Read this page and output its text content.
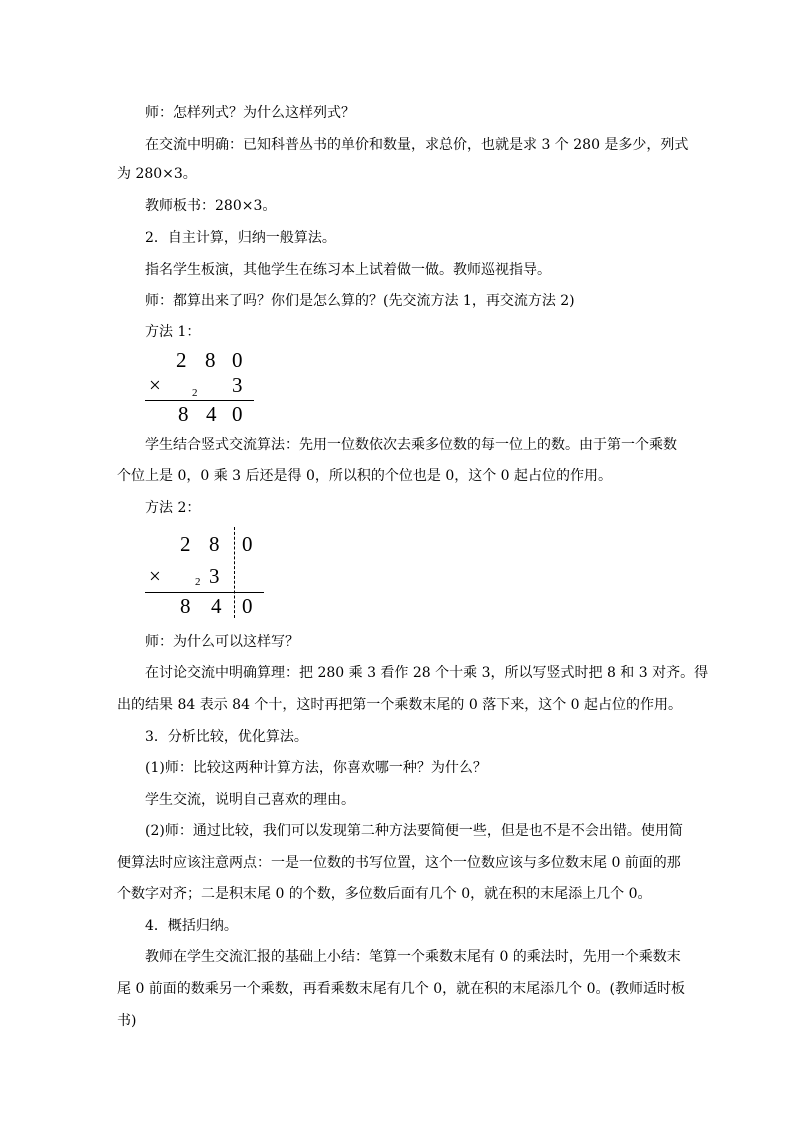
师：怎样列式？为什么这样列式？
在交流中明确：已知科普丛书的单价和数量，求总价，也就是求 3 个 280 是多少，列式
为 280×3。
教师板书：280×3。
2．自主计算，归纳一般算法。
指名学生板演，其他学生在练习本上试着做一做。教师巡视指导。
师：都算出来了吗？你们是怎么算的？(先交流方法 1，再交流方法 2)
方法 1：
2 8 0
×	2 3
8 4 0
学生结合竖式交流算法：先用一位数依次去乘多位数的每一位上的数。由于第一个乘数
个位上是 0，0 乘 3 后还是得 0，所以积的个位也是 0，这个 0 起占位的作用。
方法 2：
2 8 0
×	2 3
8 4 0
师：为什么可以这样写？
在讨论交流中明确算理：把 280 乘 3 看作 28 个十乘 3，所以写竖式时把 8 和 3 对齐。得
出的结果 84 表示 84 个十，这时再把第一个乘数末尾的 0 落下来，这个 0 起占位的作用。
3．分析比较，优化算法。
(1)师：比较这两种计算方法，你喜欢哪一种？为什么？
学生交流，说明自己喜欢的理由。
(2)师：通过比较，我们可以发现第二种方法要简便一些，但是也不是不会出错。使用简
便算法时应该注意两点：一是一位数的书写位置，这个一位数应该与多位数末尾 0 前面的那
个数字对齐；二是积末尾 0 的个数，多位数后面有几个 0，就在积的末尾添上几个 0。
4．概括归纳。
教师在学生交流汇报的基础上小结：笔算一个乘数末尾有 0 的乘法时，先用一个乘数末
尾 0 前面的数乘另一个乘数，再看乘数末尾有几个 0，就在积的末尾添几个 0。(教师适时板
书)
